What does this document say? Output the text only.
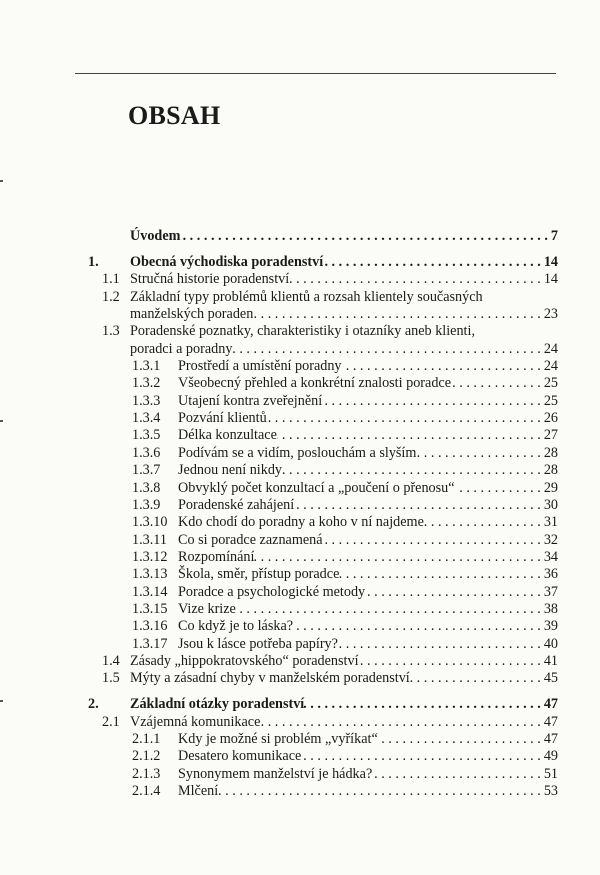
OBSAH
Úvodem . . .	7
1. Obecná východiska poradenství . . .	14
1.1 Stručná historie poradenství . . .	14
1.2 Základní typy problémů klientů a rozsah klientely současných
manželských poraden . . .	23
1.3 Poradenské poznatky, charakteristiky i otazníky aneb klienti,
poradci a poradny . . .	24
1.3.1 Prostředí a umístění poradny . . .	24
1.3.2 Všeobecný přehled a konkrétní znalosti poradce . . .	25
1.3.3 Utajení kontra zveřejnění . . .	25
1.3.4 Pozvání klientů . . .	26
1.3.5 Délka konzultace . . .	27
1.3.6 Podívám se a vidím, poslouchám a slyším . . .	28
1.3.7 Jednou není nikdy . . .	28
1.3.8 Obvyklý počet konzultací a „poučení o přenosu“ . . .	29
1.3.9 Poradenské zahájení . . .	30
1.3.10 Kdo chodí do poradny a koho v ní najdeme . . .	31
1.3.11 Co si poradce zaznamená . . .	32
1.3.12 Rozpomínání . . .	34
1.3.13 Škola, směr, přístup poradce . . .	36
1.3.14 Poradce a psychologické metody . . .	37
1.3.15 Vize krize . . .	38
1.3.16 Co když je to láska? . . .	39
1.3.17 Jsou k lásce potřeba papíry? . . .	40
1.4 Zásady „hippokratovského“ poradenství . . .	41
1.5 Mýty a zásadní chyby v manželském poradenství . . .	45
2. Základní otázky poradenství . . .	47
2.1 Vzájemná komunikace . . .	47
2.1.1 Kdy je možné si problém „vyříkat“ . . .	47
2.1.2 Desatero komunikace . . .	49
2.1.3 Synonymem manželství je hádka? . . .	51
2.1.4 Mlčení . . .	53
